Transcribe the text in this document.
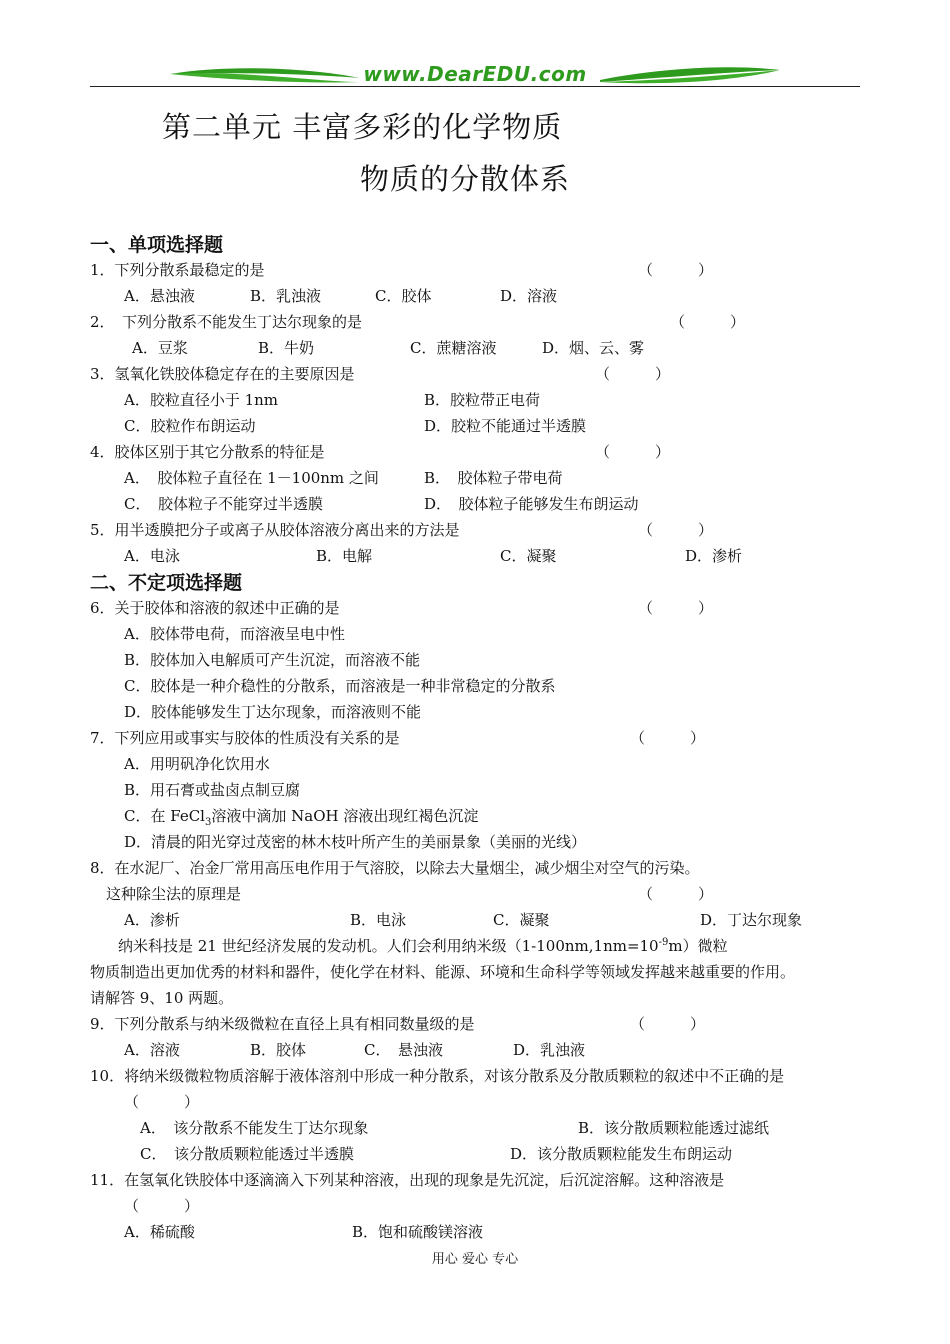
www.DearEDU.com
第二单元 丰富多彩的化学物质
物质的分散体系
一、单项选择题
1．下列分散系最稳定的是	（　　　）
A．悬浊液	B．乳浊液	C．胶体	D．溶液
2．　下列分散系不能发生丁达尔现象的是	（　　　）
A．豆浆	B．牛奶	C．蔗糖溶液	D．烟、云、雾
3．氢氧化铁胶体稳定存在的主要原因是	（　　　）
A．胶粒直径小于 1nm	B．胶粒带正电荷
C．胶粒作布朗运动	D．胶粒不能通过半透膜
4．胶体区别于其它分散系的特征是	（　　　）
A．　胶体粒子直径在 1－100nm 之间	B．　胶体粒子带电荷
C．　胶体粒子不能穿过半透膜	D．　胶体粒子能够发生布朗运动
5．用半透膜把分子或离子从胶体溶液分离出来的方法是	（　　　）
A．电泳	B．电解	C．凝聚	D．渗析
二、不定项选择题
6．关于胶体和溶液的叙述中正确的是	（　　　）
A．胶体带电荷，而溶液呈电中性
B．胶体加入电解质可产生沉淀，而溶液不能
C．胶体是一种介稳性的分散系，而溶液是一种非常稳定的分散系
D．胶体能够发生丁达尔现象，而溶液则不能
7．下列应用或事实与胶体的性质没有关系的是	（　　　）
A．用明矾净化饮用水
B．用石膏或盐卤点制豆腐
C．在 FeCl$_3$溶液中滴加 NaOH 溶液出现红褐色沉淀
D．清晨的阳光穿过茂密的林木枝叶所产生的美丽景象（美丽的光线）
8．在水泥厂、冶金厂常用高压电作用于气溶胶，以除去大量烟尘，减少烟尘对空气的污染。
这种除尘法的原理是	（　　　）
A．渗析	B．电泳	C．凝聚	D．丁达尔现象
纳米科技是 21 世纪经济发展的发动机。人们会利用纳米级$(1-100nm,1nm=10^{-9}m)$微粒
物质制造出更加优秀的材料和器件，使化学在材料、能源、环境和生命科学等领域发挥越来越重要的作用。
请解答 9、10 两题。
9．下列分散系与纳米级微粒在直径上具有相同数量级的是	（　　　）
A．溶液	B．胶体	C．　悬浊液	D．乳浊液
10．将纳米级微粒物质溶解于液体溶剂中形成一种分散系，对该分散系及分散质颗粒的叙述中不正确的是
（　　　）
A．　该分散系不能发生丁达尔现象	B．该分散质颗粒能透过滤纸
C．　该分散质颗粒能透过半透膜	D．该分散质颗粒能发生布朗运动
11．在氢氧化铁胶体中逐滴滴入下列某种溶液，出现的现象是先沉淀，后沉淀溶解。这种溶液是
（　　　）
A．稀硫酸	B．饱和硫酸镁溶液
用心 爱心 专心
